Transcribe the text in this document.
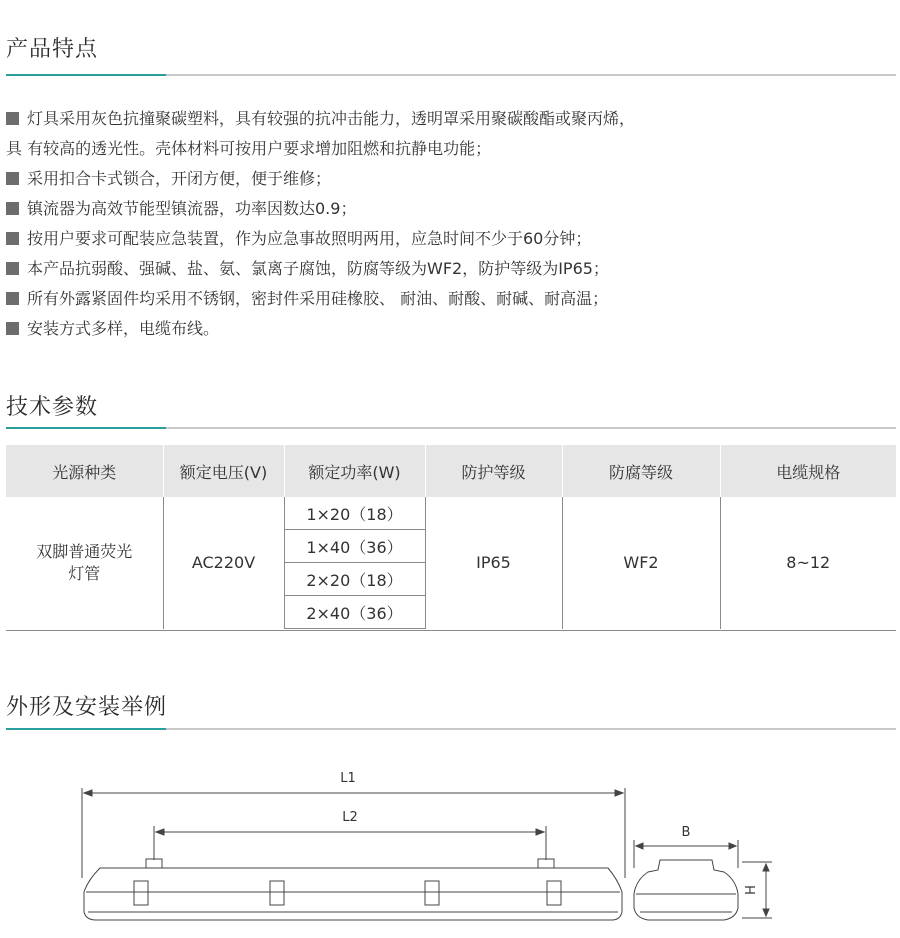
产品特点
灯具采用灰色抗撞聚碳塑料，具有较强的抗冲击能力，透明罩采用聚碳酸酯或聚丙烯，
具 有较高的透光性。壳体材料可按用户要求增加阻燃和抗静电功能；
采用扣合卡式锁合，开闭方便，便于维修；
镇流器为高效节能型镇流器，功率因数达0.9；
按用户要求可配装应急装置，作为应急事故照明两用，应急时间不少于60分钟；
本产品抗弱酸、强碱、盐、氨、氯离子腐蚀，防腐等级为WF2，防护等级为IP65；
所有外露紧固件均采用不锈钢，密封件采用硅橡胶、 耐油、耐酸、耐碱、耐高温；
安装方式多样，电缆布线。
技术参数
光源种类	额定电压(V)	额定功率(W)	防护等级	防腐等级	电缆规格

双脚普通荧光
灯管	AC220V	1×20（18）	IP65	WF2	8~12
		1×40（36）			
		2×20（18）			
		2×40（36）			
外形及安装举例
L1
L2
B
H
